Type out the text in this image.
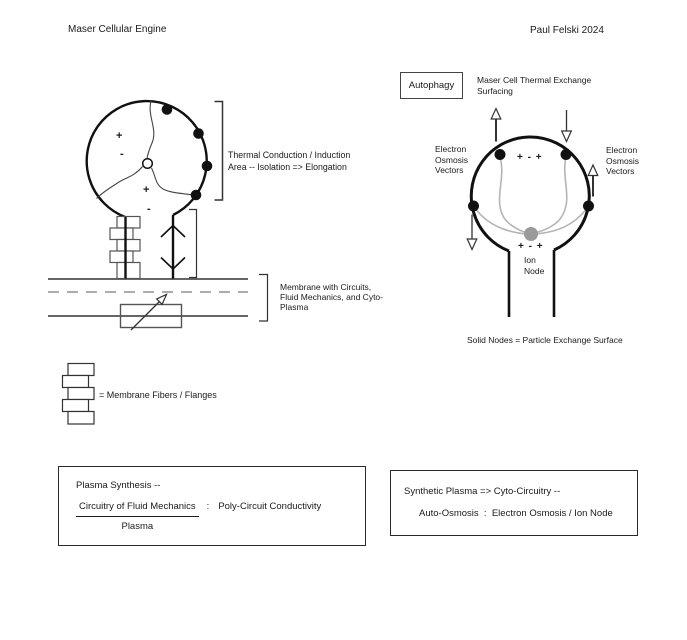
Maser Cellular Engine	Paul Felski 2024
+
-
+
-
Thermal Conduction / Induction
Area -- Isolation => Elongation
Membrane with Circuits,
Fluid Mechanics, and Cyto-
Plasma
= Membrane Fibers / Flanges
Autophagy	Maser Cell Thermal Exchange
Surfacing
Electron
Osmosis
Vectors
Electron
Osmosis
Vectors
+ - +
+ - +
Ion
Node
Solid Nodes = Particle Exchange Surface
Plasma Synthesis --
$\frac{\text{Circuitry of Fluid Mechanics}}{\text{Plasma}}$ : Poly-Circuit Conductivity
Synthetic Plasma => Cyto-Circuitry --
Auto-Osmosis  :  Electron Osmosis / Ion Node
